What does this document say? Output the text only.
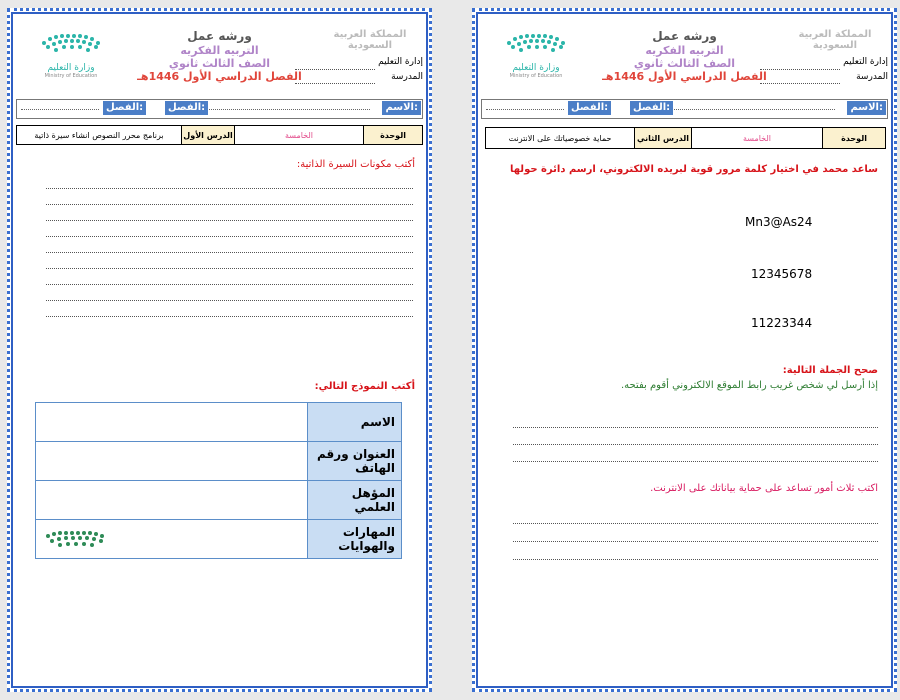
وزارة التعليم
Ministry of Education
ورشه عمل
التربيه الفكريه
الصف الثالث ثانوي
الفصل الدراسي الأول 1446هـ
المملكة العربية السعودية
إدارة التعليم
المدرسة
الاسم:
الفصل:
الفصل:
الوحدة
الخامسة
الدرس الأول
برنامج محرر النصوص انشاء سيرة ذاتية
أكتب مكونات السيرة الذاتية:
أكتب النموذج التالي:
	الاسم
	العنوان ورقم الهاتف
	المؤهل العلمي

	المهارات والهوايات
وزارة التعليم
Ministry of Education
ورشه عمل
التربيه الفكريه
الصف الثالث ثانوي
الفصل الدراسي الأول 1446هـ
المملكة العربية السعودية
إدارة التعليم
المدرسة
الاسم:
الفصل:
الفصل:
الوحدة
الخامسة
الدرس الثاني
حماية خصوصياتك على الانترنت
ساعد محمد في اختيار كلمة مرور قوية لبريده الالكتروني، ارسم دائرة حولها
Mn3@As24
12345678
11223344
صحح الجملة التالية:
إذا أرسل لي شخص غريب رابط الموقع الالكتروني أقوم بفتحه.
اكتب ثلاث أمور تساعد على حماية بياناتك على الانترنت.
